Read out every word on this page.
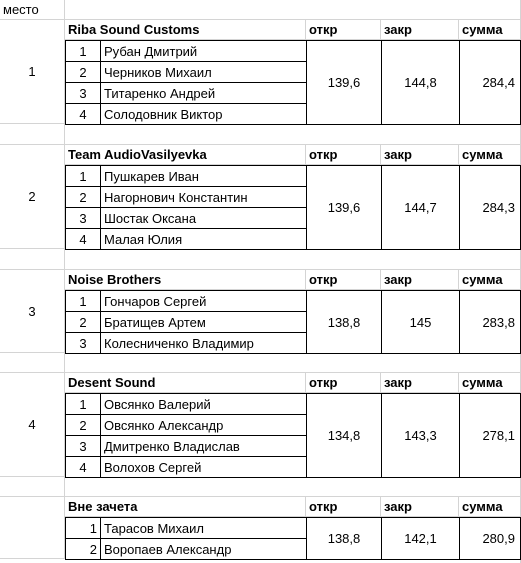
место
1
Riba Sound Customs	откр	закр	сумма
1	Рубан Дмитрий
2	Черников Михаил
3	Титаренко Андрей
4	Солодовник Виктор
139,6	144,8	284,4
2
Team AudioVasilyevka	откр	закр	сумма
1	Пушкарев Иван
2	Нагорнович Константин
3	Шостак Оксана
4	Малая Юлия
139,6	144,7	284,3
3
Noise Brothers	откр	закр	сумма
1	Гончаров Сергей
2	Братищев Артем
3	Колесниченко Владимир
138,8	145	283,8
4
Desent Sound	откр	закр	сумма
1	Овсянко Валерий
2	Овсянко Александр
3	Дмитренко Владислав
4	Волохов Сергей
134,8	143,3	278,1
Вне зачета	откр	закр	сумма
1 Тарасов Михаил
2 Воропаев Александр
138,8	142,1	280,9
